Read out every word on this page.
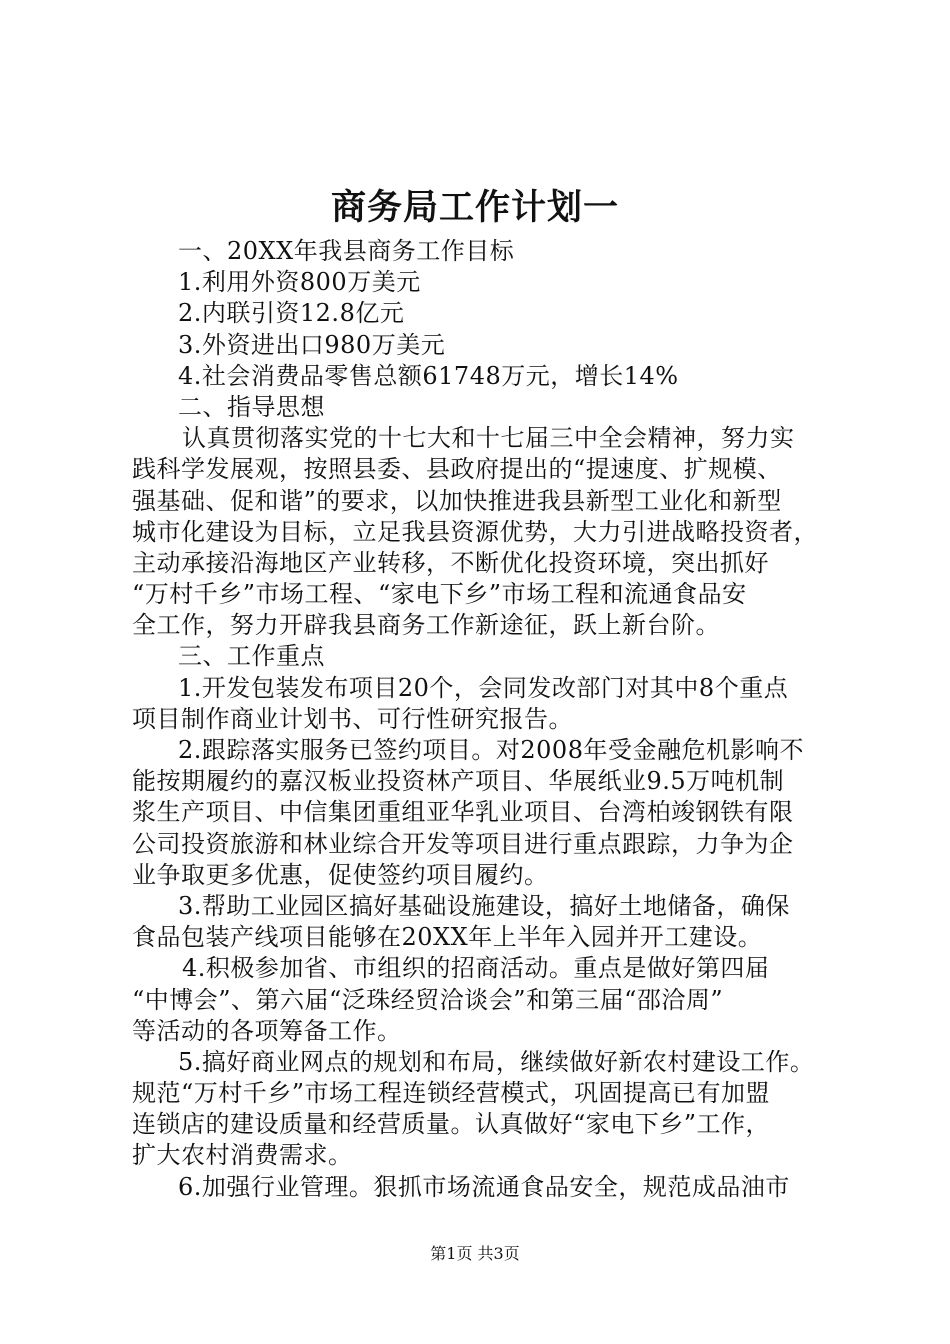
商务局工作计划一
一、20XX年我县商务工作目标
1.利用外资800万美元
2.内联引资12.8亿元
3.外资进出口980万美元
4.社会消费品零售总额61748万元，增长14%
二、指导思想
认真贯彻落实党的十七大和十七届三中全会精神，努力实
践科学发展观，按照县委、县政府提出的“提速度、扩规模、
强基础、促和谐”的要求，以加快推进我县新型工业化和新型
城市化建设为目标，立足我县资源优势，大力引进战略投资者，
主动承接沿海地区产业转移，不断优化投资环境，突出抓好
“万村千乡”市场工程、“家电下乡”市场工程和流通食品安
全工作，努力开辟我县商务工作新途征，跃上新台阶。
三、工作重点
1.开发包装发布项目20个，会同发改部门对其中8个重点
项目制作商业计划书、可行性研究报告。
2.跟踪落实服务已签约项目。对2008年受金融危机影响不
能按期履约的嘉汉板业投资林产项目、华展纸业9.5万吨机制
浆生产项目、中信集团重组亚华乳业项目、台湾柏竣钢铁有限
公司投资旅游和林业综合开发等项目进行重点跟踪，力争为企
业争取更多优惠，促使签约项目履约。
3.帮助工业园区搞好基础设施建设，搞好土地储备，确保
食品包装产线项目能够在20XX年上半年入园并开工建设。
4.积极参加省、市组织的招商活动。重点是做好第四届
“中博会”、第六届“泛珠经贸洽谈会”和第三届“邵洽周”
等活动的各项筹备工作。
5.搞好商业网点的规划和布局，继续做好新农村建设工作。
规范“万村千乡”市场工程连锁经营模式，巩固提高已有加盟
连锁店的建设质量和经营质量。认真做好“家电下乡”工作，
扩大农村消费需求。
6.加强行业管理。狠抓市场流通食品安全，规范成品油市
第1页 共3页
